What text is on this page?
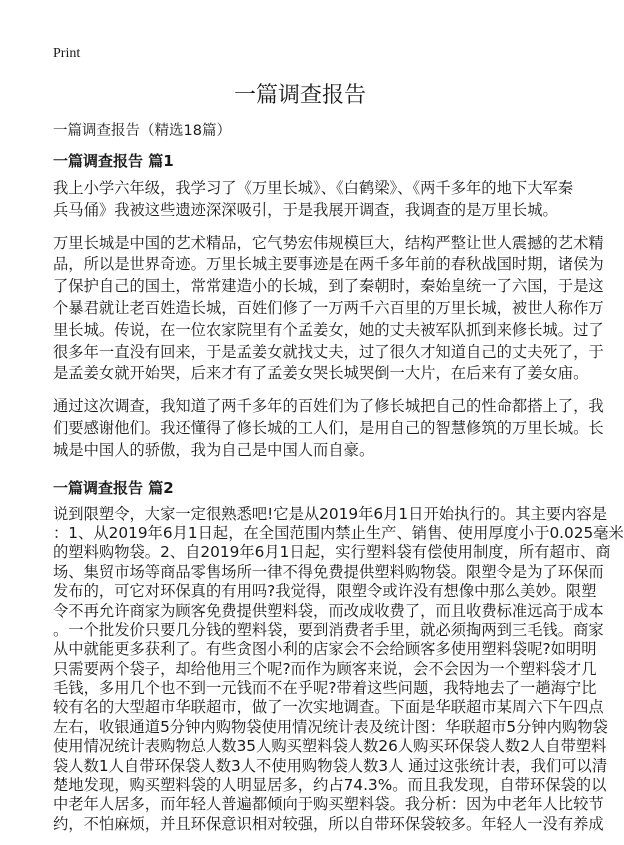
Print
一篇调查报告
一篇调查报告（精选18篇）
一篇调查报告 篇1
我上小学六年级，我学习了《万里长城》、《白鹤梁》、《两千多年的地下大军秦
兵马俑》我被这些遗迹深深吸引，于是我展开调查，我调查的是万里长城。
万里长城是中国的艺术精品，它气势宏伟规模巨大，结构严整让世人震撼的艺术精
品，所以是世界奇迹。万里长城主要事迹是在两千多年前的春秋战国时期，诸侯为
了保护自己的国土，常常建造小的长城，到了秦朝时，秦始皇统一了六国，于是这
个暴君就让老百姓造长城，百姓们修了一万两千六百里的万里长城，被世人称作万
里长城。传说，在一位农家院里有个孟姜女，她的丈夫被军队抓到来修长城。过了
很多年一直没有回来，于是孟姜女就找丈夫，过了很久才知道自己的丈夫死了，于
是孟姜女就开始哭，后来才有了孟姜女哭长城哭倒一大片，在后来有了姜女庙。
通过这次调查，我知道了两千多年的百姓们为了修长城把自己的性命都搭上了，我
们要感谢他们。我还懂得了修长城的工人们，是用自己的智慧修筑的万里长城。长
城是中国人的骄傲，我为自己是中国人而自豪。
一篇调查报告 篇2
说到限塑令，大家一定很熟悉吧!它是从2019年6月1日开始执行的。其主要内容是
：1、从2019年6月1日起，在全国范围内禁止生产、销售、使用厚度小于0.025毫米
的塑料购物袋。2、自2019年6月1日起，实行塑料袋有偿使用制度，所有超市、商
场、集贸市场等商品零售场所一律不得免费提供塑料购物袋。限塑令是为了环保而
发布的，可它对环保真的有用吗?我觉得，限塑令或许没有想像中那么美妙。限塑
令不再允许商家为顾客免费提供塑料袋，而改成收费了，而且收费标准远高于成本
。一个批发价只要几分钱的塑料袋，要到消费者手里，就必须掏两到三毛钱。商家
从中就能更多获利了。有些贪图小利的店家会不会给顾客多使用塑料袋呢?如明明
只需要两个袋子，却给他用三个呢?而作为顾客来说，会不会因为一个塑料袋才几
毛钱，多用几个也不到一元钱而不在乎呢?带着这些问题，我特地去了一趟海宁比
较有名的大型超市华联超市，做了一次实地调查。下面是华联超市某周六下午四点
左右，收银通道5分钟内购物袋使用情况统计表及统计图：华联超市5分钟内购物袋
使用情况统计表购物总人数35人购买塑料袋人数26人购买环保袋人数2人自带塑料
袋人数1人自带环保袋人数3人不使用购物袋人数3人 通过这张统计表，我们可以清
楚地发现，购买塑料袋的人明显居多，约占74.3%。而且我发现，自带环保袋的以
中老年人居多，而年轻人普遍都倾向于购买塑料袋。我分析：因为中老年人比较节
约，不怕麻烦，并且环保意识相对较强，所以自带环保袋较多。年轻人一没有养成
